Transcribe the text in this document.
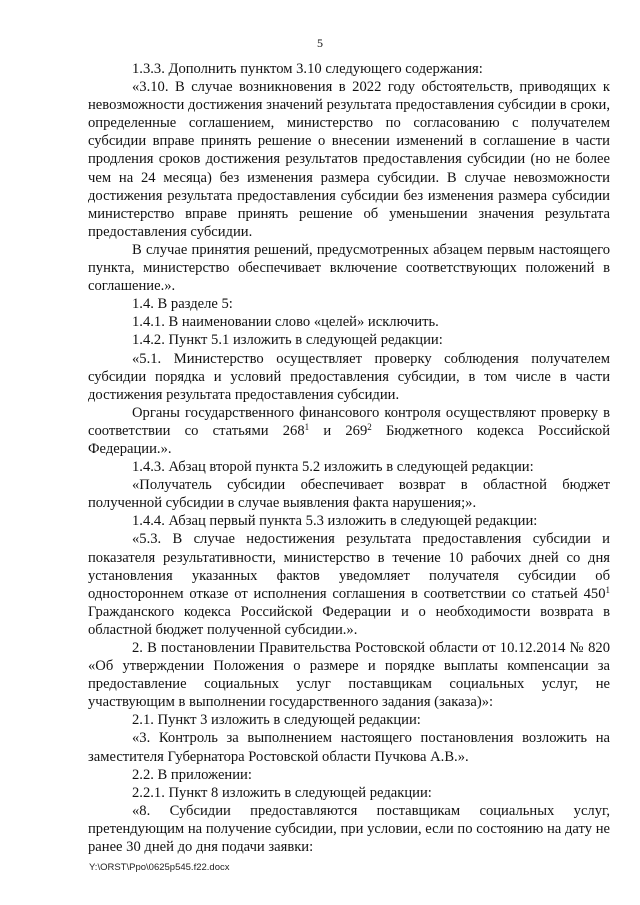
5

1.3.3. Дополнить пунктом 3.10 следующего содержания:

«3.10. В случае возникновения в 2022 году обстоятельств, приводящих к невозможности достижения значений результата предоставления субсидии в сроки, определенные соглашением, министерство по согласованию с получателем субсидии вправе принять решение о внесении изменений в соглашение в части продления сроков достижения результатов предоставления субсидии (но не более чем на 24 месяца) без изменения размера субсидии. В случае невозможности достижения результата предоставления субсидии без изменения размера субсидии министерство вправе принять решение об уменьшении значения результата предоставления субсидии.

В случае принятия решений, предусмотренных абзацем первым настоящего пункта, министерство обеспечивает включение соответствующих положений в соглашение.».

1.4. В разделе 5:

1.4.1. В наименовании слово «целей» исключить.

1.4.2. Пункт 5.1 изложить в следующей редакции:

«5.1. Министерство осуществляет проверку соблюдения получателем субсидии порядка и условий предоставления субсидии, в том числе в части достижения результата предоставления субсидии.

Органы государственного финансового контроля осуществляют проверку в соответствии со статьями $268^1$ и $269^2$ Бюджетного кодекса Российской Федерации.».

1.4.3. Абзац второй пункта 5.2 изложить в следующей редакции:

«Получатель субсидии обеспечивает возврат в областной бюджет полученной субсидии в случае выявления факта нарушения;».

1.4.4. Абзац первый пункта 5.3 изложить в следующей редакции:

«5.3. В случае недостижения результата предоставления субсидии и показателя результативности, министерство в течение 10 рабочих дней со дня установления указанных фактов уведомляет получателя субсидии об одностороннем отказе от исполнения соглашения в соответствии со статьей $450^1$ Гражданского кодекса Российской Федерации и о необходимости возврата в областной бюджет полученной субсидии.».

2. В постановлении Правительства Ростовской области от 10.12.2014 № 820 «Об утверждении Положения о размере и порядке выплаты компенсации за предоставление социальных услуг поставщикам социальных услуг, не участвующим в выполнении государственного задания (заказа)»:

2.1. Пункт 3 изложить в следующей редакции:

«3. Контроль за выполнением настоящего постановления возложить на заместителя Губернатора Ростовской области Пучкова А.В.».

2.2. В приложении:

2.2.1. Пункт 8 изложить в следующей редакции:

«8. Субсидии предоставляются поставщикам социальных услуг, претендующим на получение субсидии, при условии, если по состоянию на дату не ранее 30 дней до дня подачи заявки:

Y:\ORST\Ppo\0625p545.f22.docx
